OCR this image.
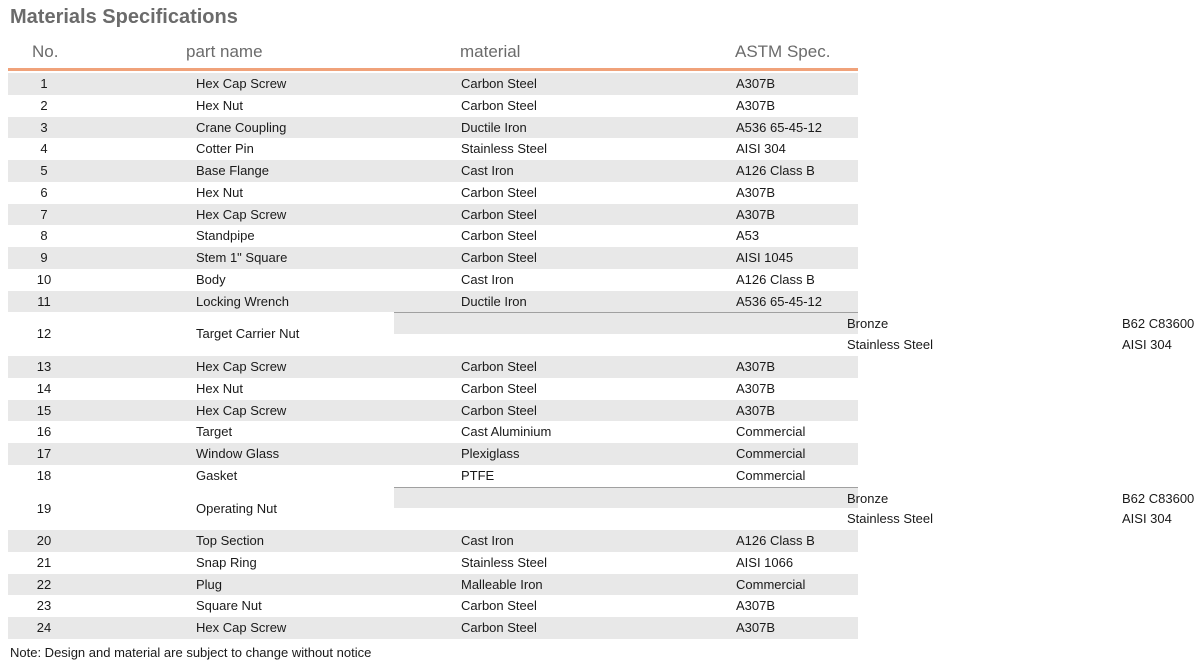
Materials Specifications
No.	part name	material	ASTM Spec.
1	Hex Cap Screw	Carbon Steel	A307B
2	Hex Nut	Carbon Steel	A307B
3	Crane Coupling	Ductile Iron	A536 65-45-12
4	Cotter Pin	Stainless Steel	AISI 304
5	Base Flange	Cast Iron	A126 Class B
6	Hex Nut	Carbon Steel	A307B
7	Hex Cap Screw	Carbon Steel	A307B
8	Standpipe	Carbon Steel	A53
9	Stem 1" Square	Carbon Steel	AISI 1045
10	Body	Cast Iron	A126 Class B
11	Locking Wrench	Ductile Iron	A536 65-45-12
12	Target Carrier Nut
Bronze	B62 C83600
Stainless Steel	AISI 304
13	Hex Cap Screw	Carbon Steel	A307B
14	Hex Nut	Carbon Steel	A307B
15	Hex Cap Screw	Carbon Steel	A307B
16	Target	Cast Aluminium	Commercial
17	Window Glass	Plexiglass	Commercial
18	Gasket	PTFE	Commercial
19	Operating Nut
Bronze	B62 C83600
Stainless Steel	AISI 304
20	Top Section	Cast Iron	A126 Class B
21	Snap Ring	Stainless Steel	AISI 1066
22	Plug	Malleable Iron	Commercial
23	Square Nut	Carbon Steel	A307B
24	Hex Cap Screw	Carbon Steel	A307B

Note: Design and material are subject to change without notice
